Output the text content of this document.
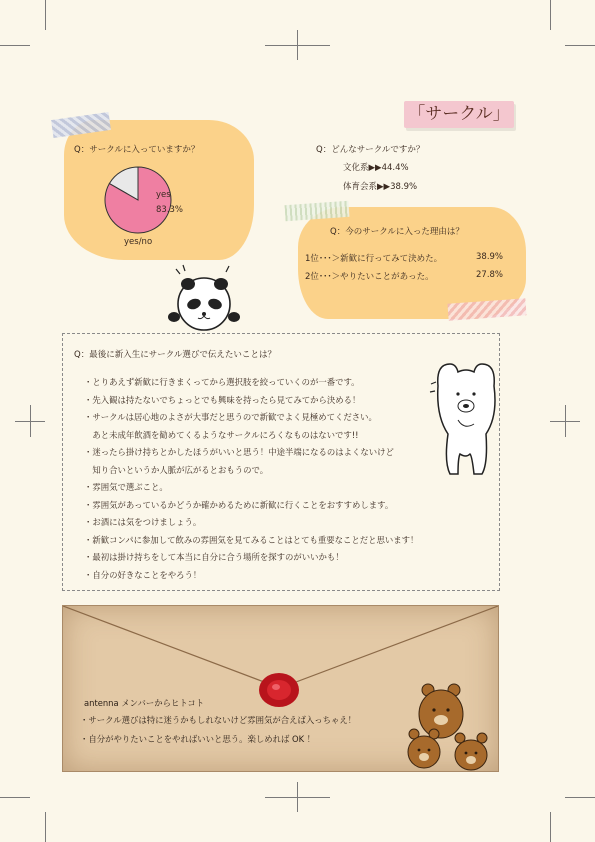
「サークル」
Q：サークルに入っていますか？
yes
83.3%
yes/no
Q：どんなサークルですか？
文化系▶︎▶︎44.4%
体育会系▶︎▶︎38.9%
Q：今のサークルに入った理由は？
1位･･･＞新歓に行ってみて決めた。	38.9%
2位･･･＞やりたいことがあった。	27.8%
Q：最後に新入生にサークル選びで伝えたいことは？
・とりあえず新歓に行きまくってから選択肢を絞っていくのが一番です。
・先入観は持たないでちょっとでも興味を持ったら見てみてから決める！
・サークルは居心地のよさが大事だと思うので新歓でよく見極めてください。
　あと未成年飲酒を勧めてくるようなサークルにろくなものはないです!!
・迷ったら掛け持ちとかしたほうがいいと思う！中途半端になるのはよくないけど
　知り合いというか人脈が広がるとおもうので。
・雰囲気で選ぶこと。
・雰囲気があっているかどうか確かめるために新歓に行くことをおすすめします。
・お酒には気をつけましょう。
・新歓コンパに参加して飲みの雰囲気を見てみることはとても重要なことだと思います！
・最初は掛け持ちをして本当に自分に合う場所を探すのがいいかも！
・自分の好きなことをやろう！
antenna メンバーからヒトコト
・サークル選びは特に迷うかもしれないけど雰囲気が合えば入っちゃえ！
・自分がやりたいことをやればいいと思う。楽しめれば OK ！
